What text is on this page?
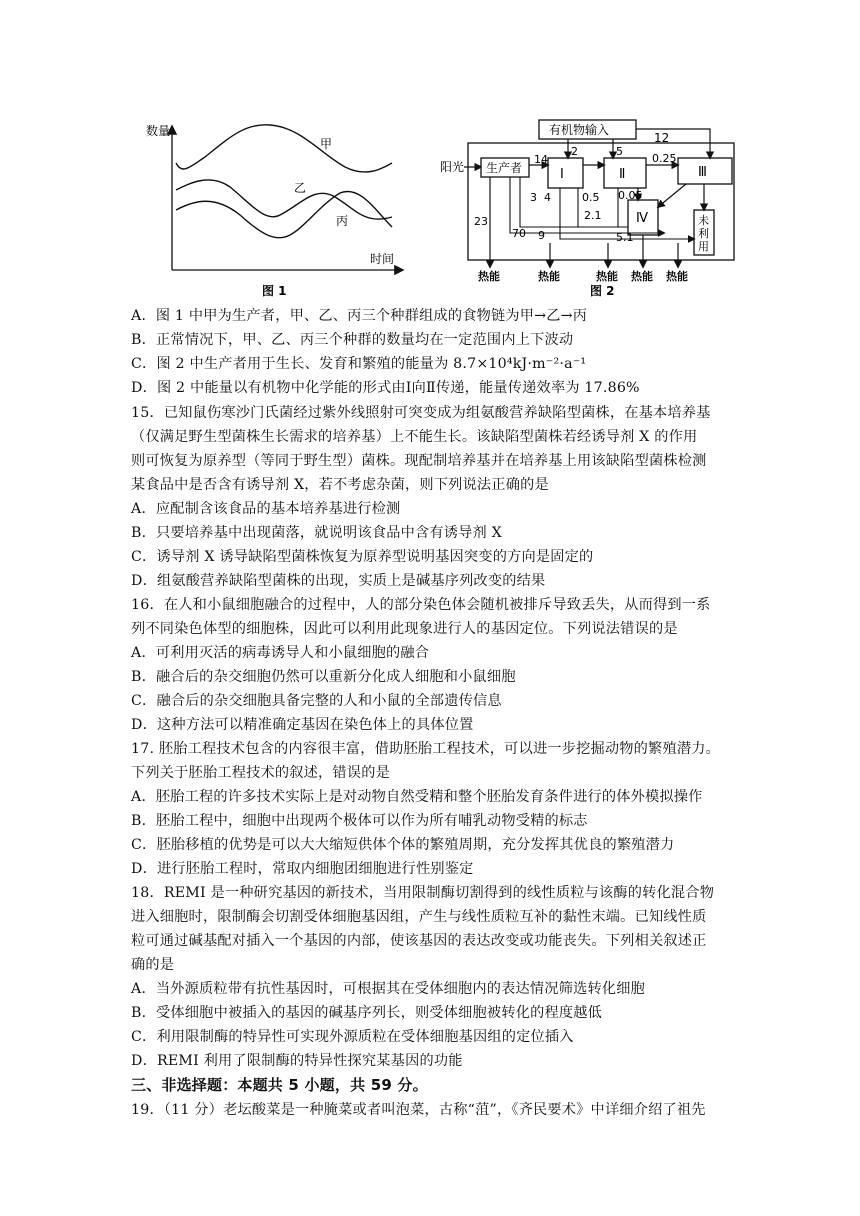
数量
时间
甲
乙
丙
图 1
有机物输入
阳光 生产者	Ⅰ	Ⅱ	Ⅲ
Ⅳ	未
利
用
12
14
2	5
0.25
3 4	0.5 0.05
2.1
23
70 9	5.1
热能	热能	热能 热能 热能
图 2
A．图 1 中甲为生产者，甲、乙、丙三个种群组成的食物链为甲→乙→丙
B．正常情况下，甲、乙、丙三个种群的数量均在一定范围内上下波动
C．图 2 中生产者用于生长、发育和繁殖的能量为 8.7×10⁴kJ·m⁻²·a⁻¹
D．图 2 中能量以有机物中化学能的形式由Ⅰ向Ⅱ传递，能量传递效率为 17.86%
15．已知鼠伤寒沙门氏菌经过紫外线照射可突变成为组氨酸营养缺陷型菌株，在基本培养基
（仅满足野生型菌株生长需求的培养基）上不能生长。该缺陷型菌株若经诱导剂 X 的作用
则可恢复为原养型（等同于野生型）菌株。现配制培养基并在培养基上用该缺陷型菌株检测
某食品中是否含有诱导剂 X，若不考虑杂菌，则下列说法正确的是
A．应配制含该食品的基本培养基进行检测
B．只要培养基中出现菌落，就说明该食品中含有诱导剂 X
C．诱导剂 X 诱导缺陷型菌株恢复为原养型说明基因突变的方向是固定的
D．组氨酸营养缺陷型菌株的出现，实质上是碱基序列改变的结果
16．在人和小鼠细胞融合的过程中，人的部分染色体会随机被排斥导致丢失，从而得到一系
列不同染色体型的细胞株，因此可以利用此现象进行人的基因定位。下列说法错误的是
A．可利用灭活的病毒诱导人和小鼠细胞的融合
B．融合后的杂交细胞仍然可以重新分化成人细胞和小鼠细胞
C．融合后的杂交细胞具备完整的人和小鼠的全部遗传信息
D．这种方法可以精准确定基因在染色体上的具体位置
17. 胚胎工程技术包含的内容很丰富，借助胚胎工程技术，可以进一步挖掘动物的繁殖潜力。
下列关于胚胎工程技术的叙述，错误的是
A．胚胎工程的许多技术实际上是对动物自然受精和整个胚胎发育条件进行的体外模拟操作
B．胚胎工程中，细胞中出现两个极体可以作为所有哺乳动物受精的标志
C．胚胎移植的优势是可以大大缩短供体个体的繁殖周期，充分发挥其优良的繁殖潜力
D．进行胚胎工程时，常取内细胞团细胞进行性别鉴定
18．REMI 是一种研究基因的新技术，当用限制酶切割得到的线性质粒与该酶的转化混合物
进入细胞时，限制酶会切割受体细胞基因组，产生与线性质粒互补的黏性末端。已知线性质
粒可通过碱基配对插入一个基因的内部，使该基因的表达改变或功能丧失。下列相关叙述正
确的是
A．当外源质粒带有抗性基因时，可根据其在受体细胞内的表达情况筛选转化细胞
B．受体细胞中被插入的基因的碱基序列长，则受体细胞被转化的程度越低
C．利用限制酶的特异性可实现外源质粒在受体细胞基因组的定位插入
D．REMI 利用了限制酶的特异性探究某基因的功能
三、非选择题：本题共 5 小题，共 59 分。
19．（11 分）老坛酸菜是一种腌菜或者叫泡菜，古称“菹”，《齐民要术》中详细介绍了祖先
